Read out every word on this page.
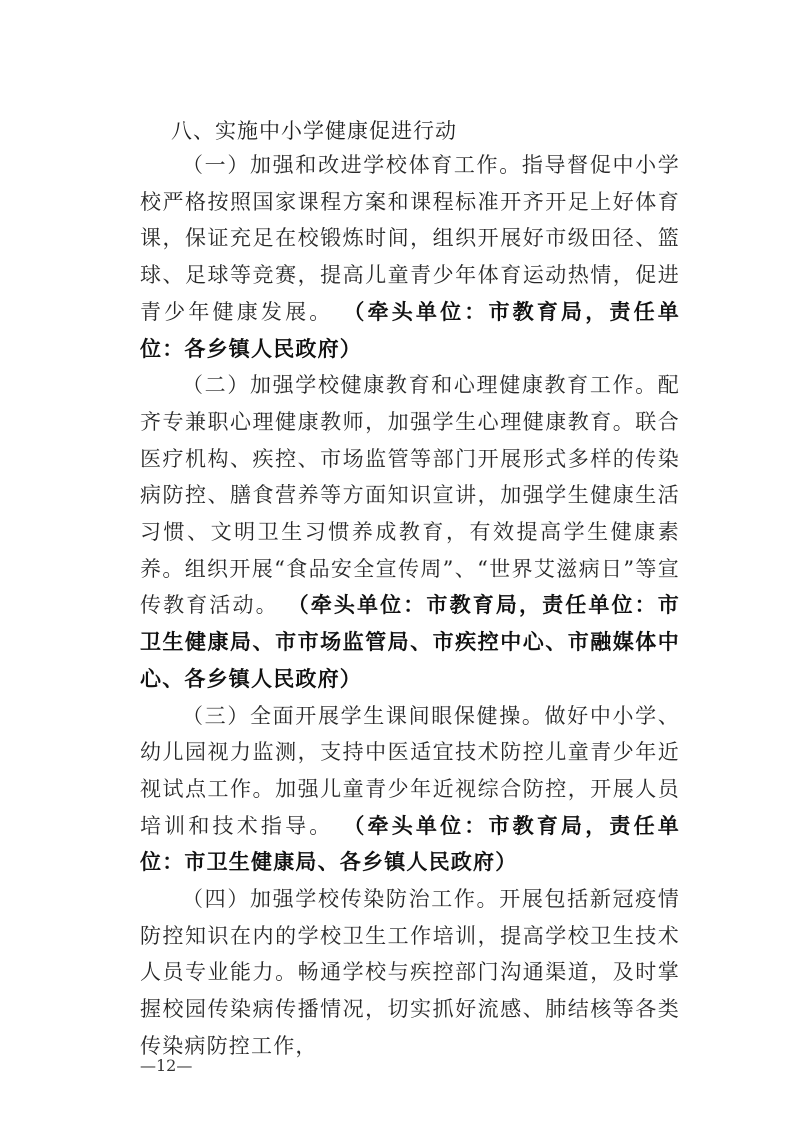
八、实施中小学健康促进行动

（一）加强和改进学校体育工作。指导督促中小学校严格按照国家课程方案和课程标准开齐开足上好体育课，保证充足在校锻炼时间，组织开展好市级田径、篮球、足球等竞赛，提高儿童青少年体育运动热情，促进青少年健康发展。 （牵头单位：市教育局，责任单位：各乡镇人民政府）

（二）加强学校健康教育和心理健康教育工作。配齐专兼职心理健康教师，加强学生心理健康教育。联合医疗机构、疾控、市场监管等部门开展形式多样的传染病防控、膳食营养等方面知识宣讲，加强学生健康生活习惯、文明卫生习惯养成教育，有效提高学生健康素养。组织开展“食品安全宣传周”、“世界艾滋病日”等宣传教育活动。 （牵头单位：市教育局，责任单位：市卫生健康局、市市场监管局、市疾控中心、市融媒体中心、各乡镇人民政府）

（三）全面开展学生课间眼保健操。做好中小学、幼儿园视力监测，支持中医适宜技术防控儿童青少年近视试点工作。加强儿童青少年近视综合防控，开展人员培训和技术指导。 （牵头单位：市教育局，责任单位：市卫生健康局、各乡镇人民政府）

（四）加强学校传染防治工作。开展包括新冠疫情防控知识在内的学校卫生工作培训，提高学校卫生技术人员专业能力。畅通学校与疾控部门沟通渠道，及时掌握校园传染病传播情况，切实抓好流感、肺结核等各类传染病防控工作，

—12—
